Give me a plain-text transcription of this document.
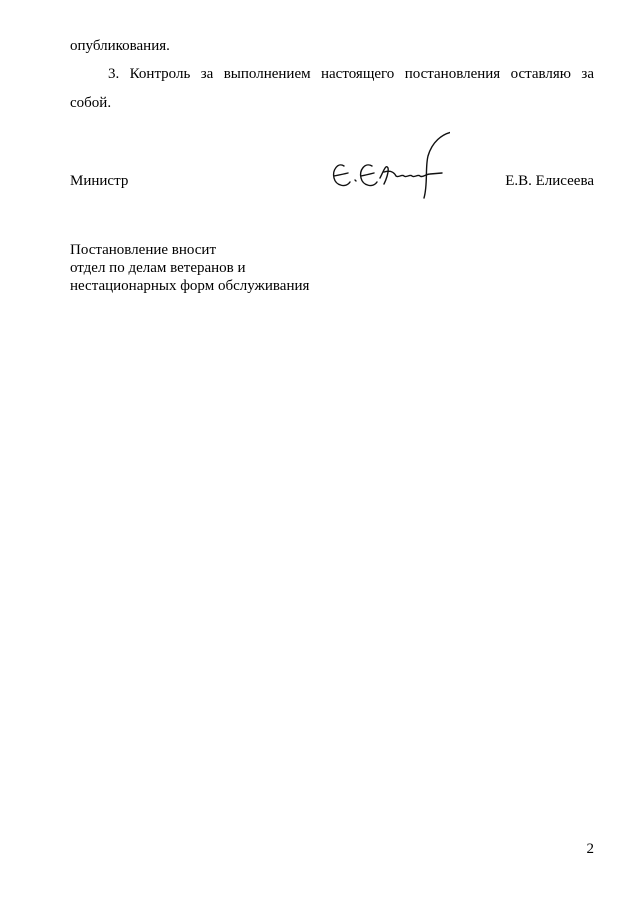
опубликования.
3. Контроль за выполнением настоящего постановления оставляю за
собой.
Министр	Е.В. Елисеева
Постановление вносит
отдел по делам ветеранов и
нестационарных форм обслуживания
2
